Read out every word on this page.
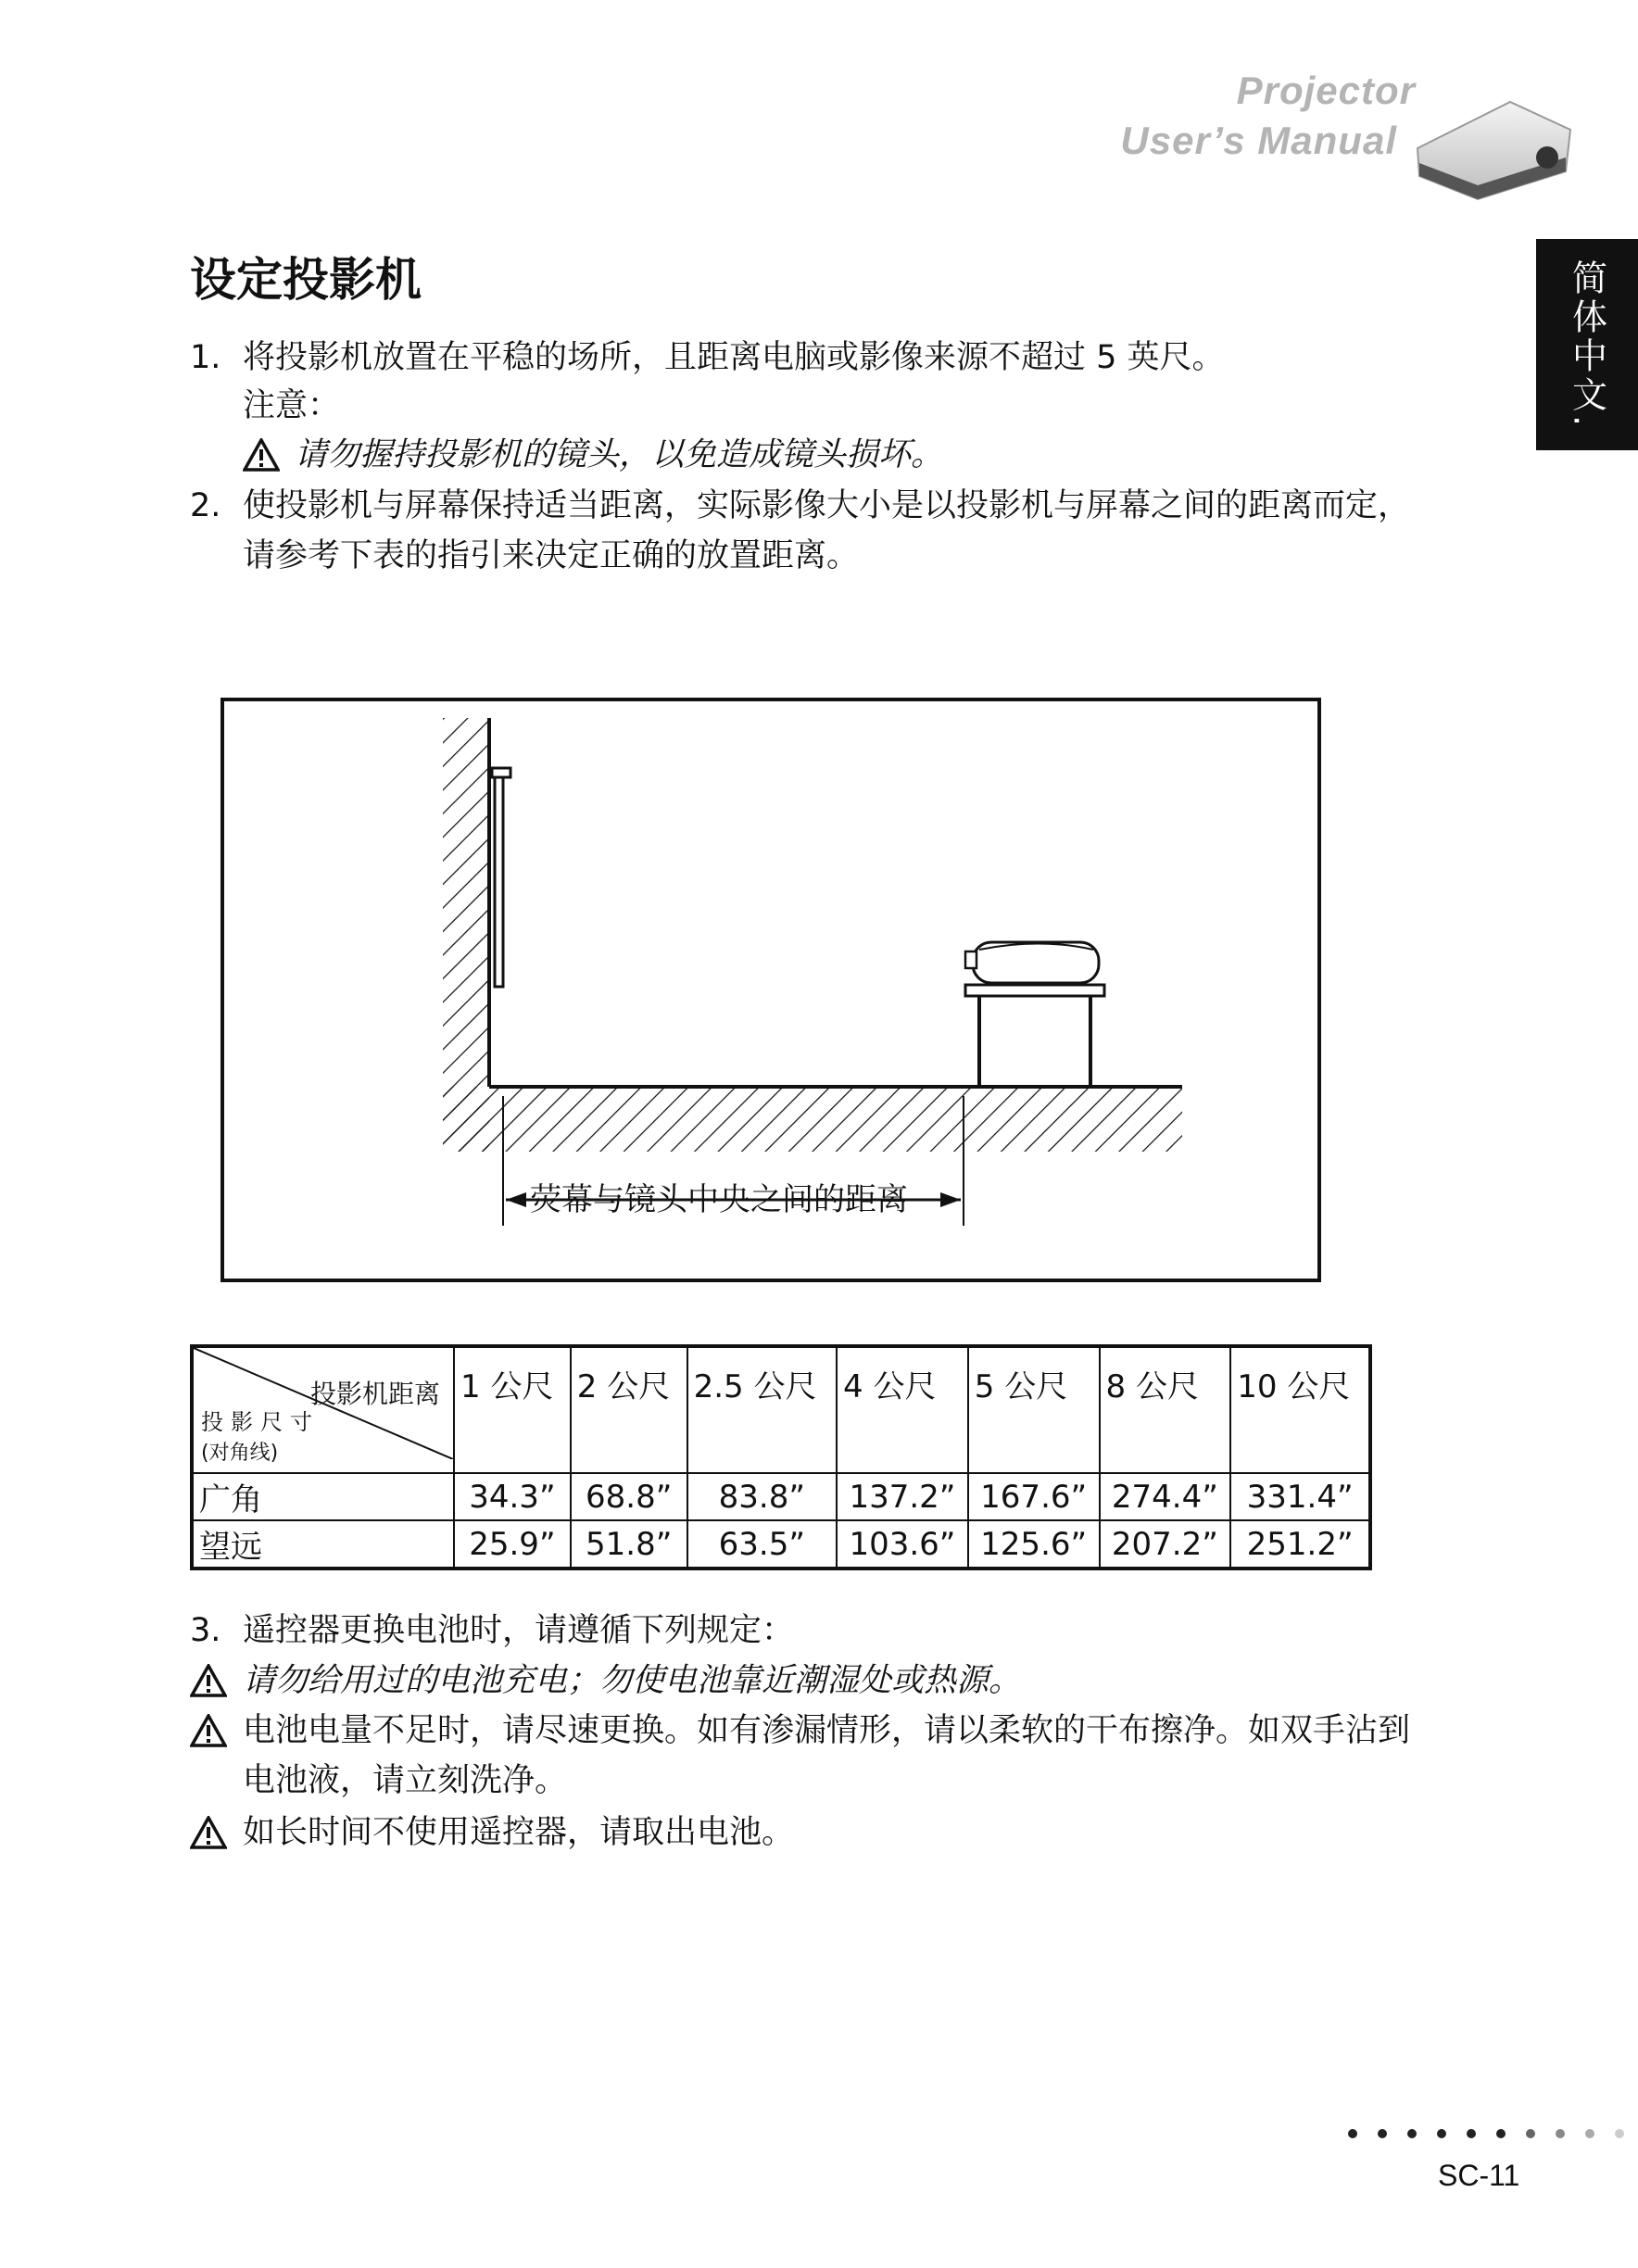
Projector
User’s Manual
简体中文.
设定投影机
1. 将投影机放置在平稳的场所，且距离电脑或影像来源不超过 5 英尺。
注意：
请勿握持投影机的镜头，以免造成镜头损坏。
2. 使投影机与屏幕保持适当距离，实际影像大小是以投影机与屏幕之间的距离而定，
请参考下表的指引来决定正确的放置距离。
荧幕与镜头中央之间的距离
投影机距离
投影尺寸
(对角线)	1 公尺	2 公尺	2.5 公尺	4 公尺	5 公尺	8 公尺	10 公尺
广角	34.3”	68.8”	83.8”	137.2”	167.6”	274.4”	331.4”
望远	25.9”	51.8”	63.5”	103.6”	125.6”	207.2”	251.2”
3. 遥控器更换电池时，请遵循下列规定：
请勿给用过的电池充电；勿使电池靠近潮湿处或热源。
电池电量不足时，请尽速更换。如有渗漏情形，请以柔软的干布擦净。如双手沾到
电池液，请立刻洗净。
如长时间不使用遥控器，请取出电池。
SC-11
